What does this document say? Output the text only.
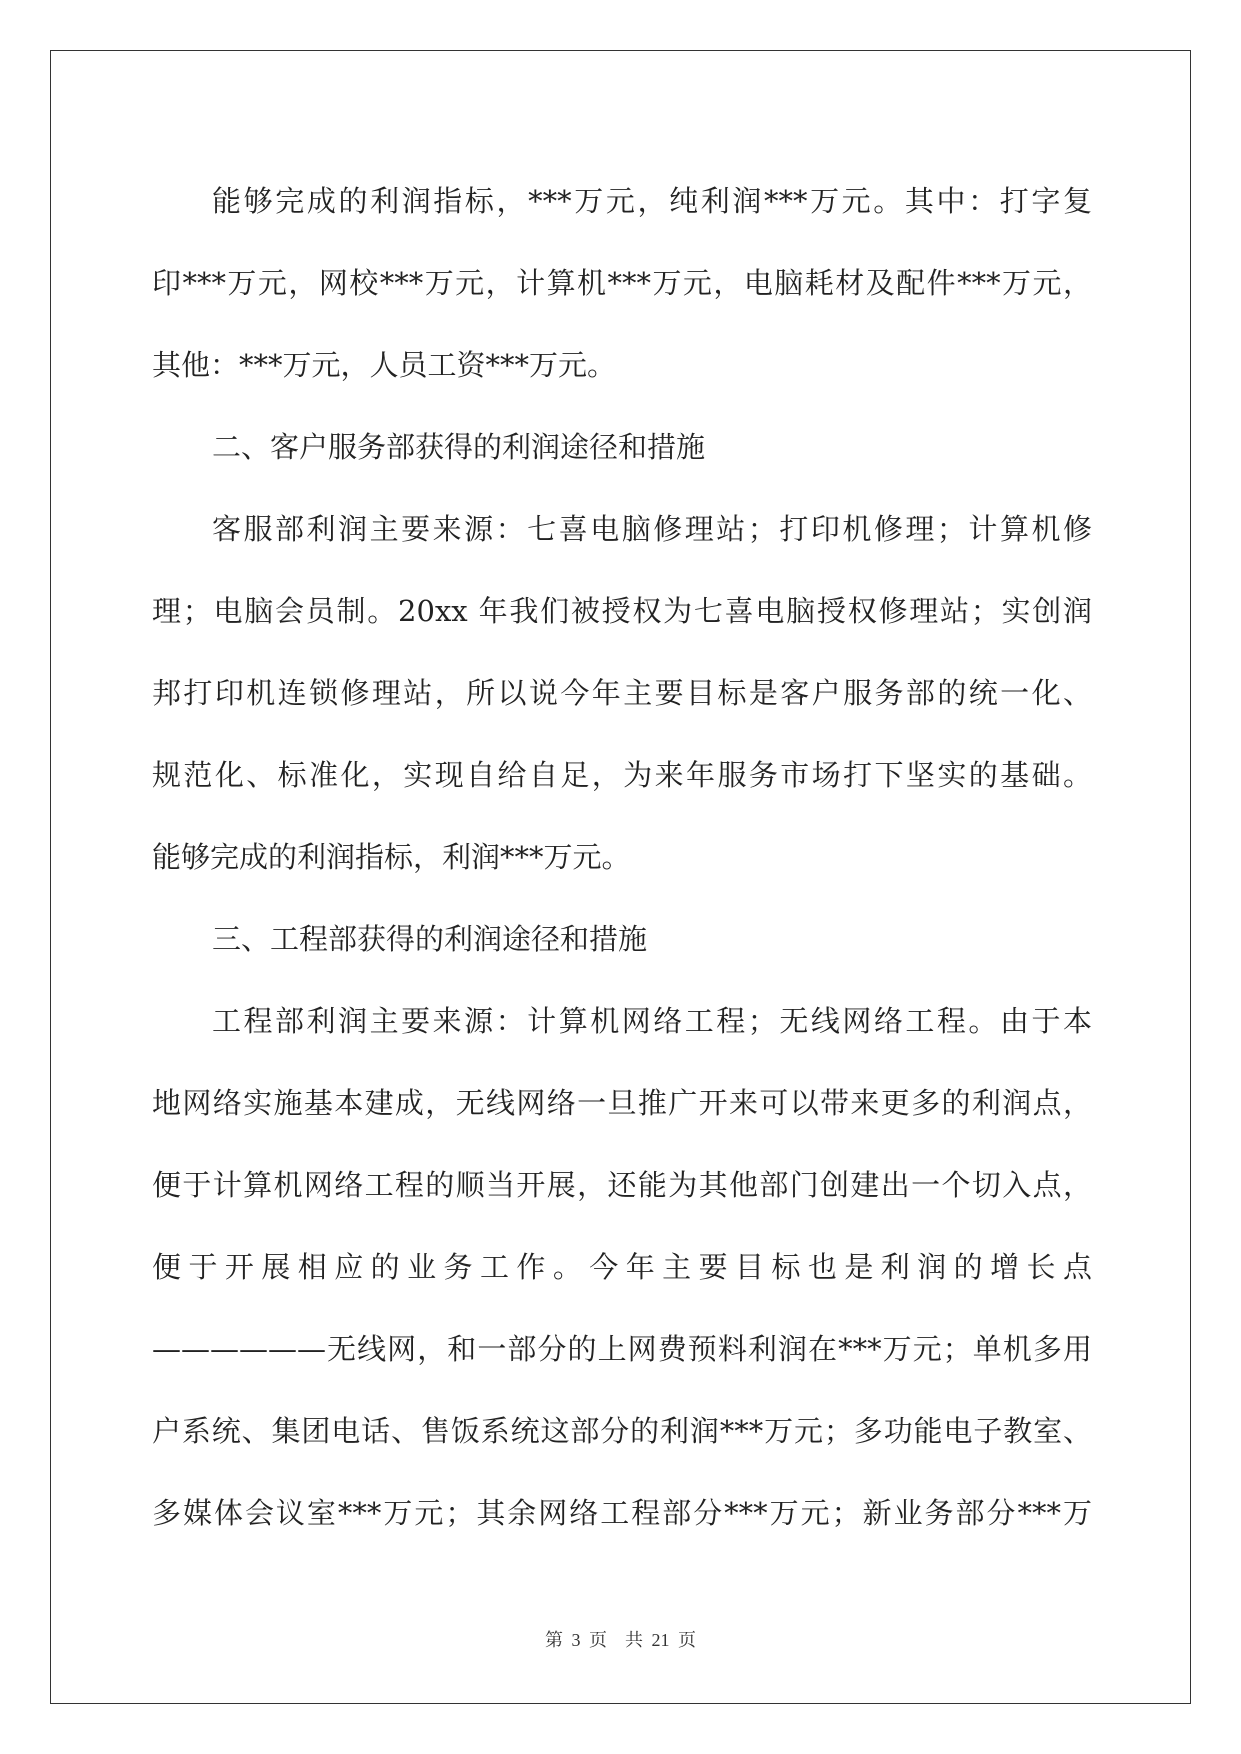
能够完成的利润指标，***万元，纯利润***万元。其中：打字复
印***万元，网校***万元，计算机***万元，电脑耗材及配件***万元，
其他：***万元，人员工资***万元。
二、客户服务部获得的利润途径和措施
客服部利润主要来源：七喜电脑修理站；打印机修理；计算机修
理；电脑会员制。20xx 年我们被授权为七喜电脑授权修理站；实创润
邦打印机连锁修理站，所以说今年主要目标是客户服务部的统一化、
规范化、标准化，实现自给自足，为来年服务市场打下坚实的基础。
能够完成的利润指标，利润***万元。
三、工程部获得的利润途径和措施
工程部利润主要来源：计算机网络工程；无线网络工程。由于本
地网络实施基本建成，无线网络一旦推广开来可以带来更多的利润点，
便于计算机网络工程的顺当开展，还能为其他部门创建出一个切入点，
便于开展相应的业务工作。今年主要目标也是利润的增长点
——————无线网，和一部分的上网费预料利润在***万元；单机多用
户系统、集团电话、售饭系统这部分的利润***万元；多功能电子教室、
多媒体会议室***万元；其余网络工程部分***万元；新业务部分***万
第 3 页　共 21 页
